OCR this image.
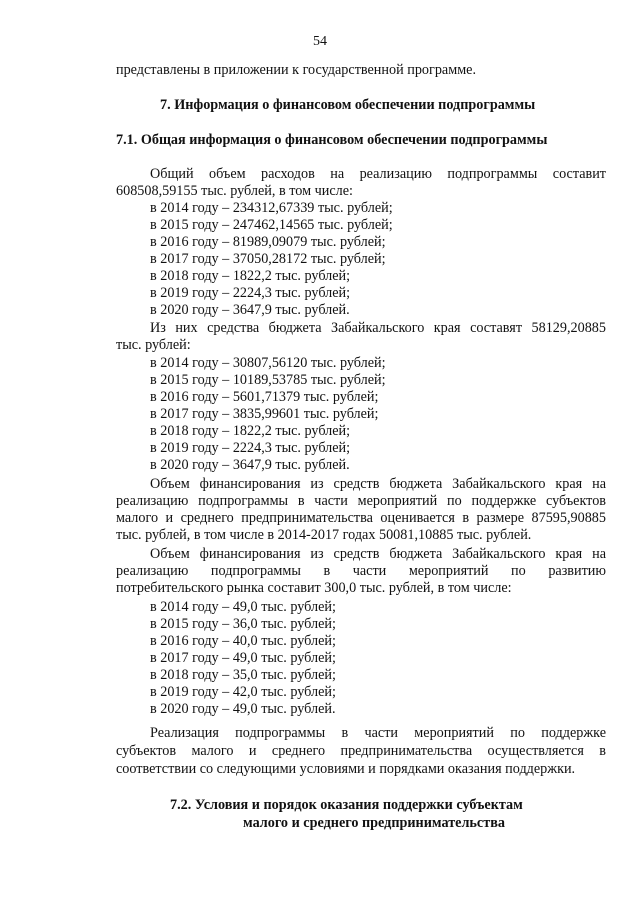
54
представлены в приложении к государственной программе.
7. Информация о финансовом обеспечении подпрограммы
7.1. Общая информация о финансовом обеспечении подпрограммы
Общий объем расходов на реализацию подпрограммы составит
608508,59155 тыс. рублей, в том числе:
в 2014 году – 234312,67339 тыс. рублей;
в 2015 году – 247462,14565 тыс. рублей;
в 2016 году – 81989,09079 тыс. рублей;
в 2017 году – 37050,28172 тыс. рублей;
в 2018 году – 1822,2 тыс. рублей;
в 2019 году – 2224,3 тыс. рублей;
в 2020 году – 3647,9 тыс. рублей.
Из них средства бюджета Забайкальского края составят 58129,20885
тыс. рублей:
в 2014 году – 30807,56120 тыс. рублей;
в 2015 году – 10189,53785 тыс. рублей;
в 2016 году – 5601,71379 тыс. рублей;
в 2017 году – 3835,99601 тыс. рублей;
в 2018 году – 1822,2 тыс. рублей;
в 2019 году – 2224,3 тыс. рублей;
в 2020 году – 3647,9 тыс. рублей.
Объем финансирования из средств бюджета Забайкальского края на
реализацию подпрограммы в части мероприятий по поддержке субъектов
малого и среднего предпринимательства оценивается в размере 87595,90885
тыс. рублей, в том числе в 2014-2017 годах 50081,10885 тыс. рублей.
Объем финансирования из средств бюджета Забайкальского края на
реализацию подпрограммы в части мероприятий по развитию
потребительского рынка составит 300,0 тыс. рублей, в том числе:
в 2014 году – 49,0 тыс. рублей;
в 2015 году – 36,0 тыс. рублей;
в 2016 году – 40,0 тыс. рублей;
в 2017 году – 49,0 тыс. рублей;
в 2018 году – 35,0 тыс. рублей;
в 2019 году – 42,0 тыс. рублей;
в 2020 году – 49,0 тыс. рублей.
Реализация подпрограммы в части мероприятий по поддержке
субъектов малого и среднего предпринимательства осуществляется в
соответствии со следующими условиями и порядками оказания поддержки.
7.2. Условия и порядок оказания поддержки субъектам
малого и среднего предпринимательства
